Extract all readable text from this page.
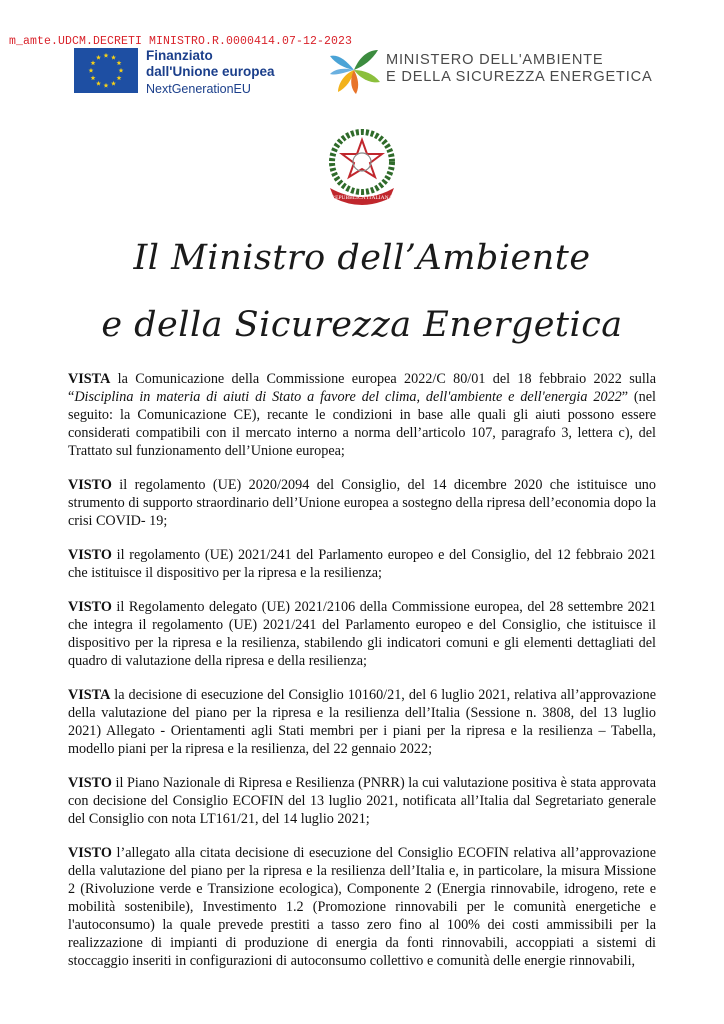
m_amte.UDCM.DECRETI MINISTRO.R.0000414.07-12-2023
Finanziato
dall'Unione europea
NextGenerationEU
MINISTERO DELL'AMBIENTE
E DELLA SICUREZZA ENERGETICA
REPUBBLICA ITALIANA
Il Ministro dell’Ambiente
e della Sicurezza Energetica

VISTA la Comunicazione della Commissione europea 2022/C 80/01 del 18 febbraio 2022 sulla “Disciplina in materia di aiuti di Stato a favore del clima, dell'ambiente e dell'energia 2022” (nel seguito: la Comunicazione CE), recante le condizioni in base alle quali gli aiuti possono essere considerati compatibili con il mercato interno a norma dell’articolo 107, paragrafo 3, lettera c), del Trattato sul funzionamento dell’Unione europea;

VISTO il regolamento (UE) 2020/2094 del Consiglio, del 14 dicembre 2020 che istituisce uno strumento di supporto straordinario dell’Unione europea a sostegno della ripresa dell’economia dopo la crisi COVID- 19;

VISTO il regolamento (UE) 2021/241 del Parlamento europeo e del Consiglio, del 12 febbraio 2021 che istituisce il dispositivo per la ripresa e la resilienza;

VISTO il Regolamento delegato (UE) 2021/2106 della Commissione europea, del 28 settembre 2021 che integra il regolamento (UE) 2021/241 del Parlamento europeo e del Consiglio, che istituisce il dispositivo per la ripresa e la resilienza, stabilendo gli indicatori comuni e gli elementi dettagliati del quadro di valutazione della ripresa e della resilienza;

VISTA la decisione di esecuzione del Consiglio 10160/21, del 6 luglio 2021, relativa all’approvazione della valutazione del piano per la ripresa e la resilienza dell’Italia (Sessione n. 3808, del 13 luglio 2021) Allegato - Orientamenti agli Stati membri per i piani per la ripresa e la resilienza – Tabella, modello piani per la ripresa e la resilienza, del 22 gennaio 2022;

VISTO il Piano Nazionale di Ripresa e Resilienza (PNRR) la cui valutazione positiva è stata approvata con decisione del Consiglio ECOFIN del 13 luglio 2021, notificata all’Italia dal Segretariato generale del Consiglio con nota LT161/21, del 14 luglio 2021;

VISTO l’allegato alla citata decisione di esecuzione del Consiglio ECOFIN relativa all’approvazione della valutazione del piano per la ripresa e la resilienza dell’Italia e, in particolare, la misura Missione 2 (Rivoluzione verde e Transizione ecologica), Componente 2 (Energia rinnovabile, idrogeno, rete e mobilità sostenibile), Investimento 1.2 (Promozione rinnovabili per le comunità energetiche e l'autoconsumo) la quale prevede prestiti a tasso zero fino al 100% dei costi ammissibili per la realizzazione di impianti di produzione di energia da fonti rinnovabili, accoppiati a sistemi di stoccaggio inseriti in configurazioni di autoconsumo collettivo e comunità delle energie rinnovabili,
